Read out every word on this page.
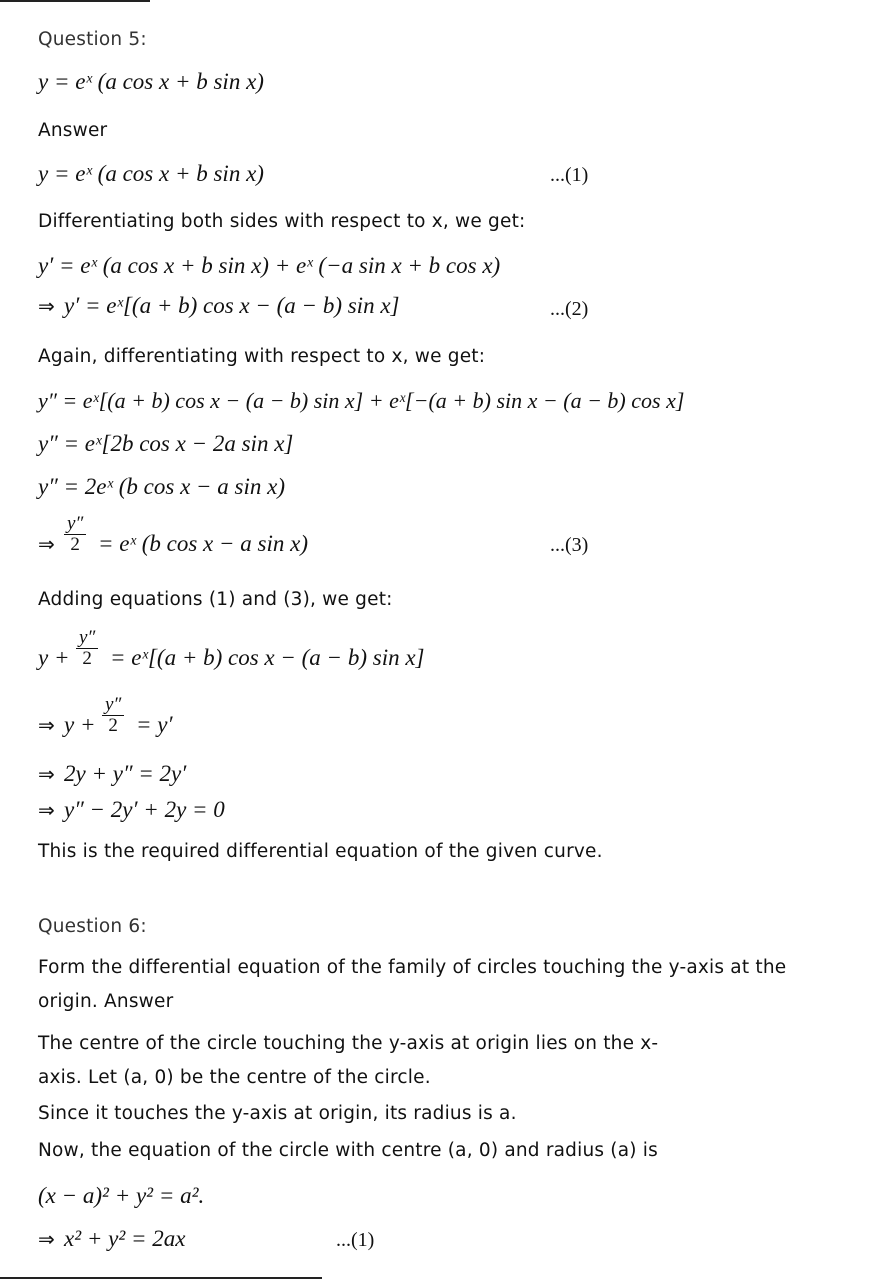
Question 5:
y = eˣ (a cos x + b sin x)
Answer
y = eˣ (a cos x + b sin x)	...(1)
Differentiating both sides with respect to x, we get:
y′ = eˣ (a cos x + b sin x) + eˣ (−a sin x + b cos x)
⇒ y′ = eˣ[(a + b) cos x − (a − b) sin x]	...(2)
Again, differentiating with respect to x, we get:
y″ = eˣ[(a + b) cos x − (a − b) sin x] + eˣ[−(a + b) sin x − (a − b) cos x]
y″ = eˣ[2b cos x − 2a sin x]
y″ = 2eˣ (b cos x − a sin x)
⇒ $\frac{y''}{2}$ = eˣ (b cos x − a sin x)	...(3)
Adding equations (1) and (3), we get:
$y + \frac{y''}{2}$ = eˣ[(a + b) cos x − (a − b) sin x]
⇒ $y + \frac{y''}{2} = y'$
⇒ 2y + y″ = 2y′
⇒ y″ − 2y′ + 2y = 0
This is the required differential equation of the given curve.
Question 6:
Form the differential equation of the family of circles touching the y-axis at the
origin. Answer
The centre of the circle touching the y-axis at origin lies on the x-
axis. Let (a, 0) be the centre of the circle.
Since it touches the y-axis at origin, its radius is a.
Now, the equation of the circle with centre (a, 0) and radius (a) is
(x − a)² + y² = a².
⇒ x² + y² = 2ax	...(1)
